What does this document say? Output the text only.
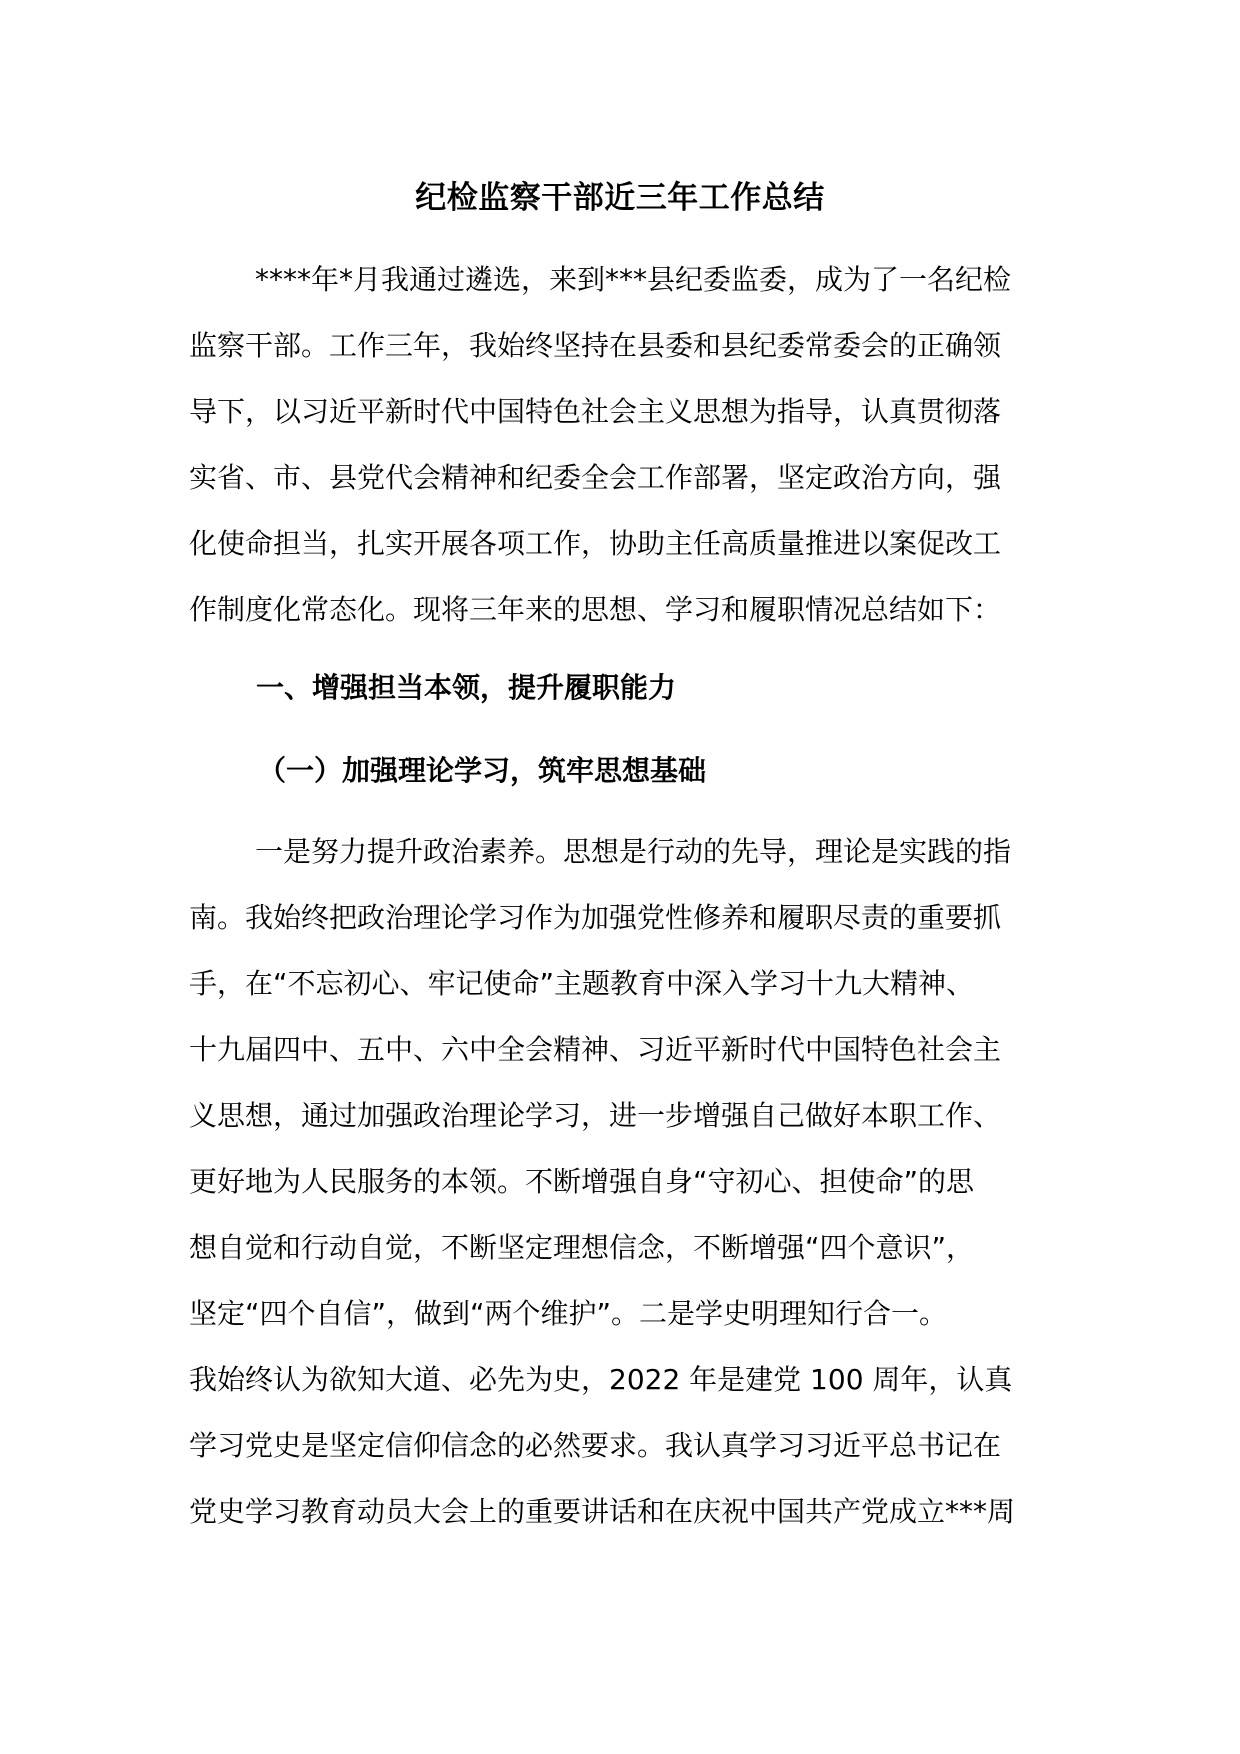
纪检监察干部近三年工作总结
****年*月我通过遴选，来到***县纪委监委，成为了一名纪检
监察干部。工作三年，我始终坚持在县委和县纪委常委会的正确领
导下，以习近平新时代中国特色社会主义思想为指导，认真贯彻落
实省、市、县党代会精神和纪委全会工作部署，坚定政治方向，强
化使命担当，扎实开展各项工作，协助主任高质量推进以案促改工
作制度化常态化。现将三年来的思想、学习和履职情况总结如下：
一、增强担当本领，提升履职能力
（一）加强理论学习，筑牢思想基础
一是努力提升政治素养。思想是行动的先导，理论是实践的指
南。我始终把政治理论学习作为加强党性修养和履职尽责的重要抓
手，在“不忘初心、牢记使命”主题教育中深入学习十九大精神、
十九届四中、五中、六中全会精神、习近平新时代中国特色社会主
义思想，通过加强政治理论学习，进一步增强自己做好本职工作、
更好地为人民服务的本领。不断增强自身“守初心、担使命”的思
想自觉和行动自觉，不断坚定理想信念，不断增强“四个意识”，
坚定“四个自信”，做到“两个维护”。二是学史明理知行合一。
我始终认为欲知大道、必先为史，2022 年是建党 100 周年，认真
学习党史是坚定信仰信念的必然要求。我认真学习习近平总书记在
党史学习教育动员大会上的重要讲话和在庆祝中国共产党成立***周
